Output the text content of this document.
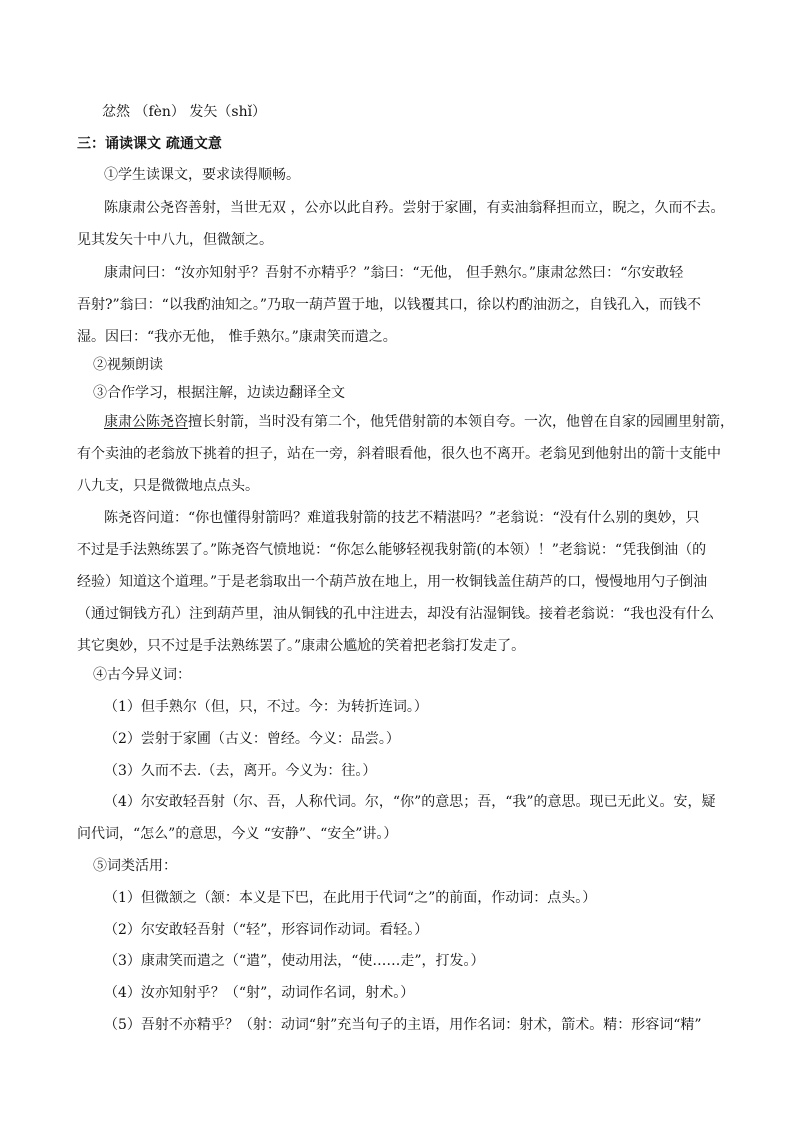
忿然 （fèn） 发矢（shǐ）
三：诵读课文 疏通文意
①学生读课文，要求读得顺畅。
陈康肃公尧咨善射，当世无双 ，公亦以此自矜。尝射于家圃，有卖油翁释担而立，睨之，久而不去。
见其发矢十中八九，但微颔之。
康肃问曰：“汝亦知射乎？吾射不亦精乎？”翁曰：“无他， 但手熟尔。”康肃忿然曰：“尔安敢轻
吾射?”翁曰：“以我酌油知之。”乃取一葫芦置于地，以钱覆其口，徐以杓酌油沥之，自钱孔入，而钱不
湿。因曰：“我亦无他， 惟手熟尔。”康肃笑而遣之。
②视频朗读
③合作学习，根据注解，边读边翻译全文
康肃公陈尧咨擅长射箭，当时没有第二个，他凭借射箭的本领自夸。一次，他曾在自家的园圃里射箭，
有个卖油的老翁放下挑着的担子，站在一旁，斜着眼看他，很久也不离开。老翁见到他射出的箭十支能中
八九支，只是微微地点点头。
陈尧咨问道：“你也懂得射箭吗？难道我射箭的技艺不精湛吗？”老翁说：“没有什么别的奥妙，只
不过是手法熟练罢了。”陈尧咨气愤地说：“你怎么能够轻视我射箭(的本领）！”老翁说：“凭我倒油（的
经验）知道这个道理。”于是老翁取出一个葫芦放在地上，用一枚铜钱盖住葫芦的口，慢慢地用勺子倒油
（通过铜钱方孔）注到葫芦里，油从铜钱的孔中注进去，却没有沾湿铜钱。接着老翁说：“我也没有什么
其它奥妙，只不过是手法熟练罢了。”康肃公尴尬的笑着把老翁打发走了。
④古今异义词：
（1）但手熟尔（但，只，不过。今：为转折连词。）
（2）尝射于家圃（古义：曾经。今义：品尝。）
（3）久而不去.（去，离开。今义为：往。）
（4）尔安敢轻吾射（尔、吾，人称代词。尔，“你”的意思；吾，“我”的意思。现已无此义。安，疑
问代词，“怎么”的意思，今义 “安静”、“安全”讲。）
⑤词类活用：
（1）但微颔之（颔：本义是下巴，在此用于代词“之”的前面，作动词：点头。）
（2）尔安敢轻吾射（“轻”，形容词作动词。看轻。）
（3）康肃笑而遣之（“遣”，使动用法，“使……走”，打发。）
（4）汝亦知射乎？（“射”，动词作名词，射术。）
（5）吾射不亦精乎？（射：动词“射”充当句子的主语，用作名词：射术，箭术。精：形容词“精”
